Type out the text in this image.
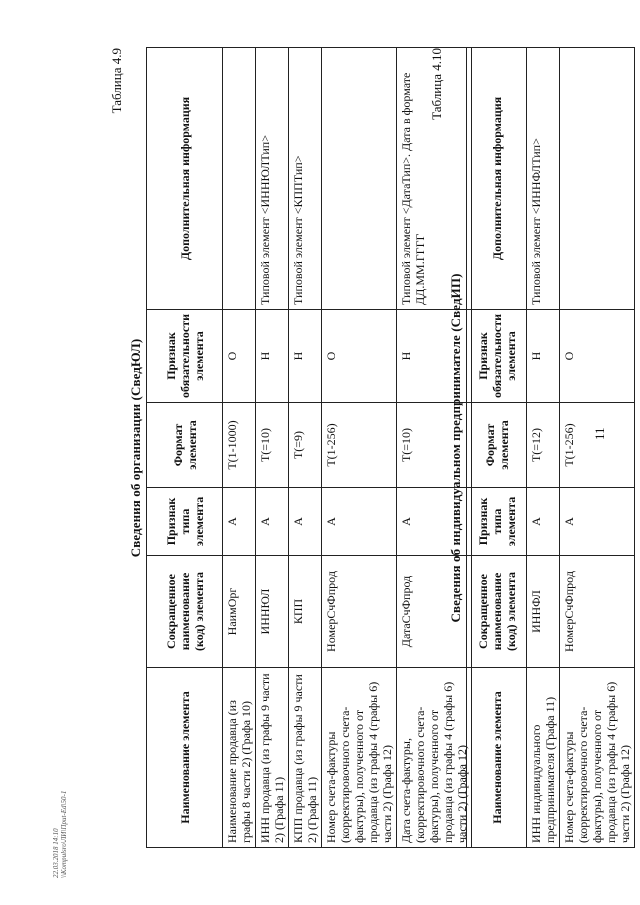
11
22.03.2018 14:10 \\Kompulsro\ЛИ\Приt-Ed\50-1
Таблица 4.9
Сведения об организации (СведЮЛ)
Наименование элемента	Сокращенное наименование (код) элемента	Признак типа элемента	Формат элемента	Признак обязательности элемента	Дополнительная информация
Наименование продавца (из графы 8 части 2) (Графа 10)	НаимОрг	А	T(1-1000)	О	
ИНН продавца (из графы 9 части 2) (Графа 11)	ИННЮЛ	А	T(=10)	Н	Типовой элемент <ИННЮЛТип>
КПП продавца (из графы 9 части 2) (Графа 11)	КПП	А	T(=9)	Н	Типовой элемент <КППТип>
Номер счета-фактуры (корректировочного счета-фактуры), полученного от продавца (из графы 4 (графы 6) части 2) (Графа 12)	НомерСчФпрод	А	T(1-256)	О	
Дата счета-фактуры, (корректировочного счета-фактуры), полученного от продавца (из графы 4 (графы 6) части 2) (Графа 12)	ДатаСчФпрод	А	T(=10)	Н	Типовой элемент <ДатаТип>. Дата в формате ДД.ММ.ГГГГ
Таблица 4.10
Сведения об индивидуальном предпринимателе (СведИП)
Наименование элемента	Сокращенное наименование (код) элемента	Признак типа элемента	Формат элемента	Признак обязательности элемента	Дополнительная информация
ИНН индивидуального предпринимателя (Графа 11)	ИННФЛ	А	T(=12)	Н	Типовой элемент <ИННФЛТип>
Номер счета-фактуры (корректировочного счета-фактуры), полученного от продавца (из графы 4 (графы 6) части 2) (Графа 12)	НомерСчФпрод	А	T(1-256)	О	
